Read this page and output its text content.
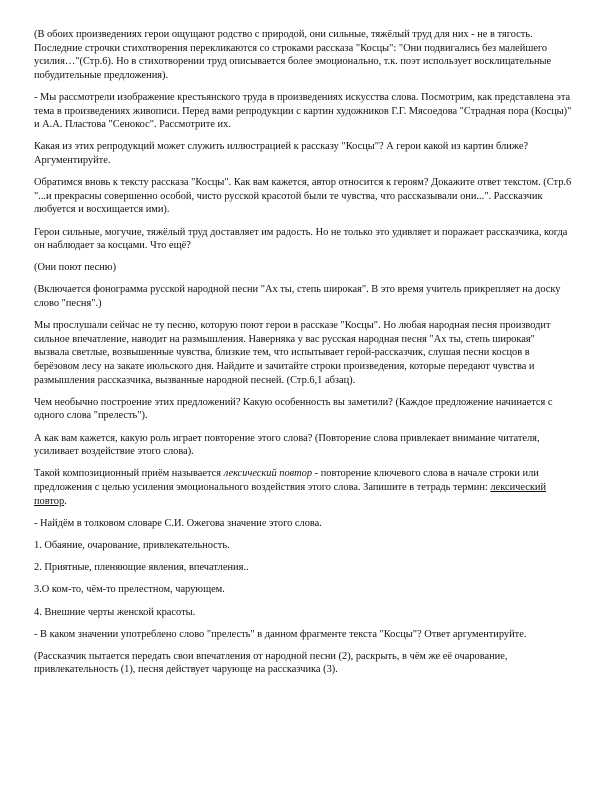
(В обоих произведениях герои ощущают родство с природой, они сильные, тяжёлый труд для них - не в тягость. Последние строчки стихотворения перекликаются со строками рассказа "Косцы": "Они подвигались без малейшего усилия…"(Стр.6). Но в стихотворении труд описывается более эмоционально, т.к. поэт использует восклицательные побудительные предложения).

- Мы рассмотрели изображение крестьянского труда в произведениях искусства слова. Посмотрим, как представлена эта тема в произведениях живописи. Перед вами репродукции с картин художников Г.Г. Мясоедова "Страдная пора (Косцы)" и А.А. Пластова "Сенокос". Рассмотрите их.

Какая из этих репродукций может служить иллюстрацией к рассказу "Косцы"? А герои какой из картин ближе? Аргументируйте.

Обратимся вновь к тексту рассказа "Косцы". Как вам кажется, автор относится к героям? Докажите ответ текстом. (Стр.6 "...и прекрасны совершенно особой, чисто русской красотой были те чувства, что рассказывали они...". Рассказчик любуется и восхищается ими).

Герои сильные, могучие, тяжёлый труд доставляет им радость. Но не только это удивляет и поражает рассказчика, когда он наблюдает за косцами. Что ещё?

(Они поют песню)

(Включается фонограмма русской народной песни "Ах ты, степь широкая". В это время учитель прикрепляет на доску слово "песня".)

Мы прослушали сейчас не ту песню, которую поют герои в рассказе "Косцы". Но любая народная песня производит сильное впечатление, наводит на размышления. Наверняка у вас русская народная песня "Ах ты, степь широкая" вызвала светлые, возвышенные чувства, близкие тем, что испытывает герой-рассказчик, слушая песни косцов в берёзовом лесу на закате июльского дня. Найдите и зачитайте строки произведения, которые передают чувства и размышления рассказчика, вызванные народной песней. (Стр.6,1 абзац).

Чем необычно построение этих предложений? Какую особенность вы заметили? (Каждое предложение начинается с одного слова "прелесть").

А как вам кажется, какую роль играет повторение этого слова? (Повторение слова привлекает внимание читателя, усиливает воздействие этого слова).

Такой композиционный приём называется лексический повтор - повторение ключевого слова в начале строки или предложения с целью усиления эмоционального воздействия этого слова. Запишите в тетрадь термин: лексический повтор.

- Найдём в толковом словаре С.И. Ожегова значение этого слова.

1. Обаяние, очарование, привлекательность.

2. Приятные, пленяющие явления, впечатления..

3.О ком-то, чём-то прелестном, чарующем.

4. Внешние черты женской красоты.

- В каком значении употреблено слово "прелесть" в данном фрагменте текста "Косцы"? Ответ аргументируйте.

(Рассказчик пытается передать свои впечатления от народной песни (2), раскрыть, в чём же её очарование, привлекательность (1), песня действует чарующе на рассказчика (3).
